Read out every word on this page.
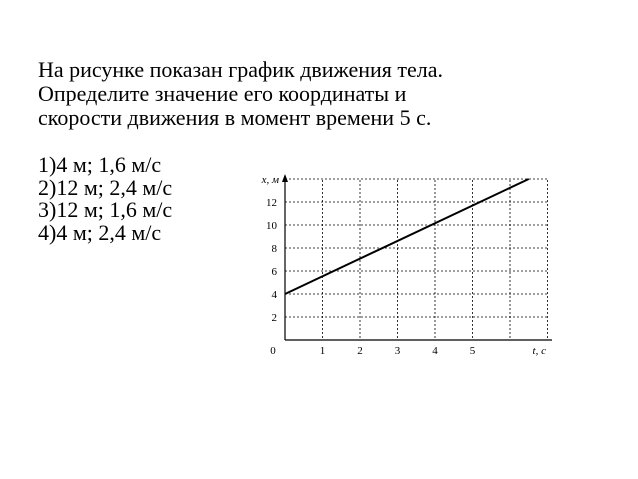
На рисунке показан график движения тела.
Определите значение его координаты и
скорости движения в момент времени 5 с.
1)4 м; 1,6 м/с
2)12 м; 2,4 м/с
3)12 м; 1,6 м/с
4)4 м; 2,4 м/с
2
4
6
8
10
12
1	2	3	4	5
0
x, м
t, c
